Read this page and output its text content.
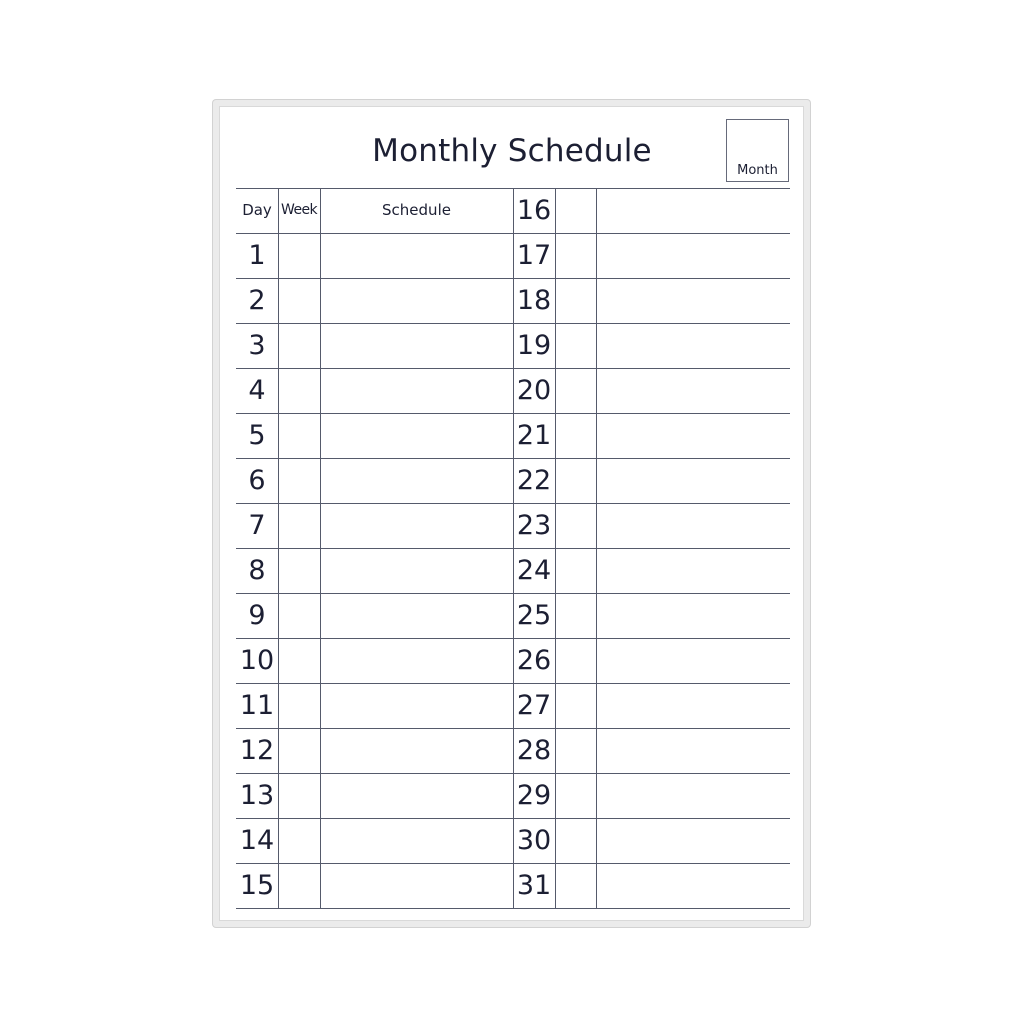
Monthly Schedule
Month
Day Week	Schedule
1
2
3
4
5
6
7
8
9
10
11
12
13
14
15
16
17
18
19
20
21
22
23
24
25
26
27
28
29
30
31
